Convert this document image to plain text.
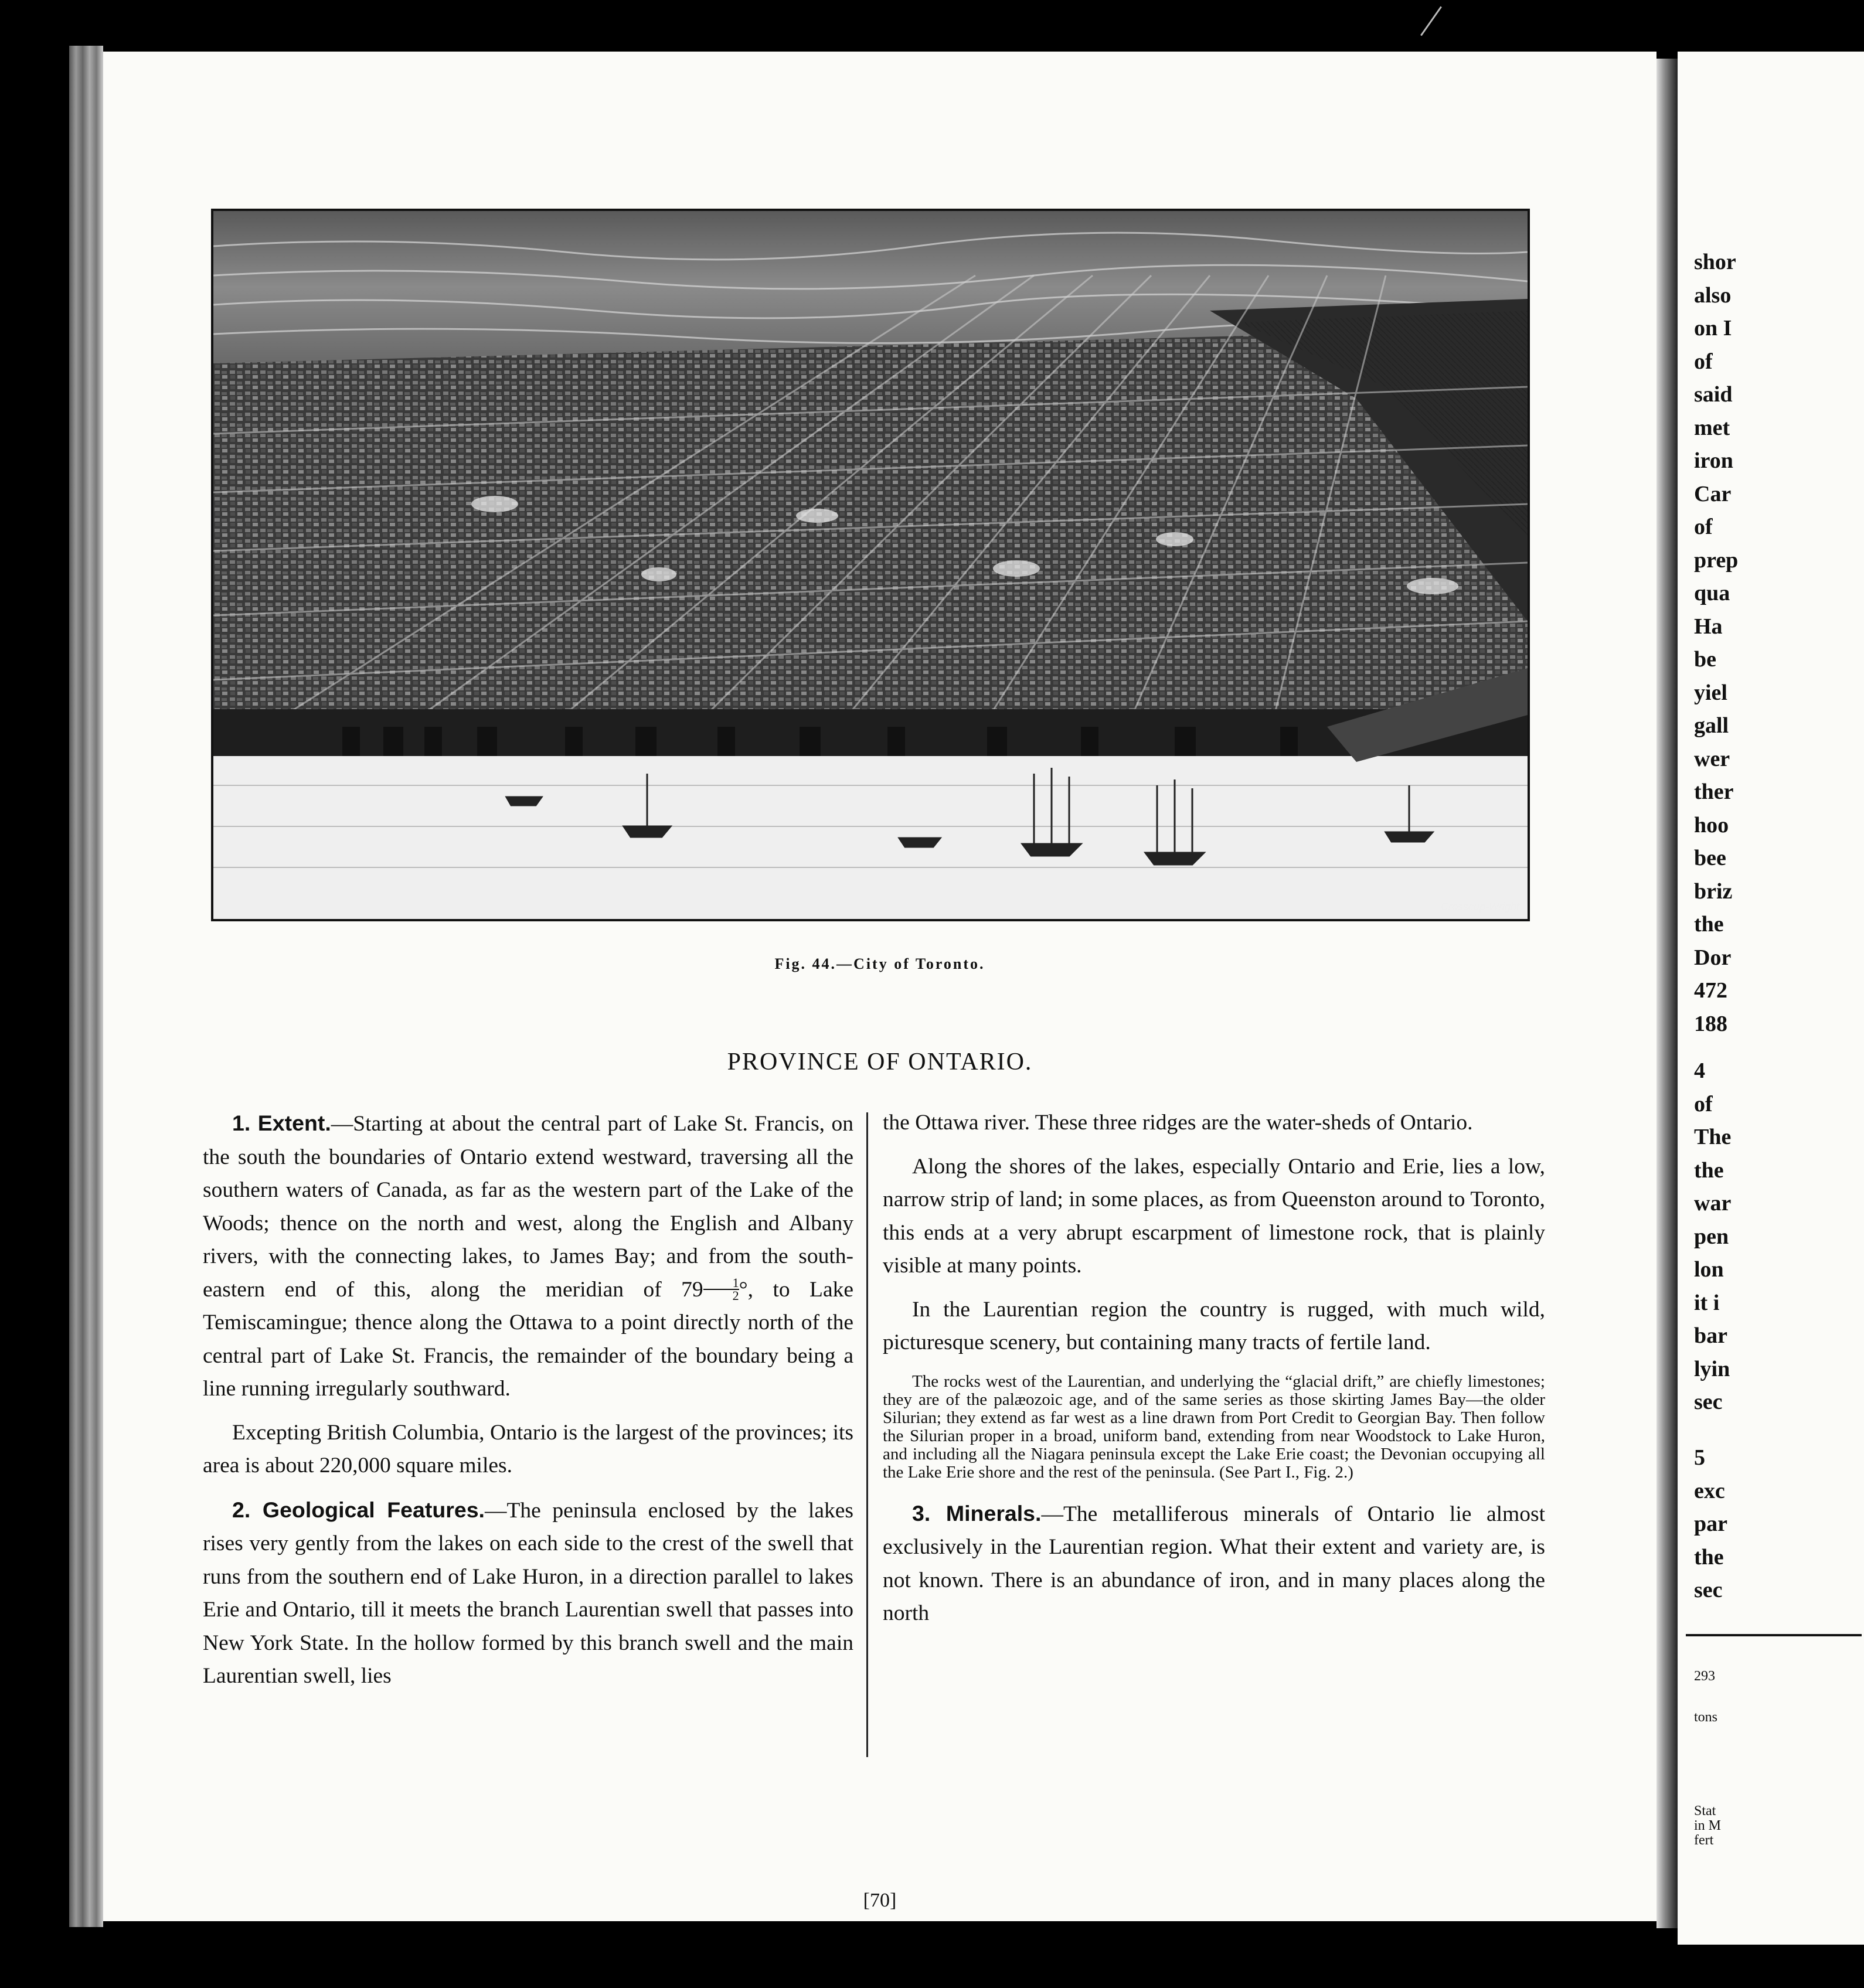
Crosscup-Wright
Fig. 44.—City of Toronto.
PROVINCE OF ONTARIO.

1. Extent.—Starting at about the central part of Lake St. Francis, on the south the boundaries of Ontario extend westward, traversing all the southern waters of Canada, as far as the western part of the Lake of the Woods; thence on the north and west, along the English and Albany rivers, with the connecting lakes, to James Bay; and from the south-eastern end of this, along the meridian of $79 \frac{1}{2}$ °, to Lake Temiscamingue; thence along the Ottawa to a point directly north of the central part of Lake St. Francis, the remainder of the boundary being a line running irregularly southward.

Excepting British Columbia, Ontario is the largest of the provinces; its area is about 220,000 square miles.

2. Geological Features.—The peninsula enclosed by the lakes rises very gently from the lakes on each side to the crest of the swell that runs from the southern end of Lake Huron, in a direction parallel to lakes Erie and Ontario, till it meets the branch Laurentian swell that passes into New York State. In the hollow formed by this branch swell and the main Laurentian swell, lies

the Ottawa river. These three ridges are the water-sheds of Ontario.

Along the shores of the lakes, especially Ontario and Erie, lies a low, narrow strip of land; in some places, as from Queenston around to Toronto, this ends at a very abrupt escarpment of limestone rock, that is plainly visible at many points.

In the Laurentian region the country is rugged, with much wild, picturesque scenery, but containing many tracts of fertile land.

The rocks west of the Laurentian, and underlying the “glacial drift,” are chiefly limestones; they are of the palæozoic age, and of the same series as those skirting James Bay—the older Silurian; they extend as far west as a line drawn from Port Credit to Georgian Bay. Then follow the Silurian proper in a broad, uniform band, extending from near Woodstock to Lake Huron, and including all the Niagara peninsula except the Lake Erie coast; the Devonian occupying all the Lake Erie shore and the rest of the peninsula. (See Part I., Fig. 2.)

3. Minerals.—The metalliferous minerals of Ontario lie almost exclusively in the Laurentian region. What their extent and variety are, is not known. There is an abundance of iron, and in many places along the north

[70]
shor
also
on I
of
said
met
iron
Car
of
prep
qua
Ha
be
yiel
gall
wer
ther
hoo
bee
briz
the
Dor
472
188
4
of
The
the
war
pen
lon
it i
bar
lyin
sec
5
exc
par
the
sec
293
tons
Stat
in M
fert
